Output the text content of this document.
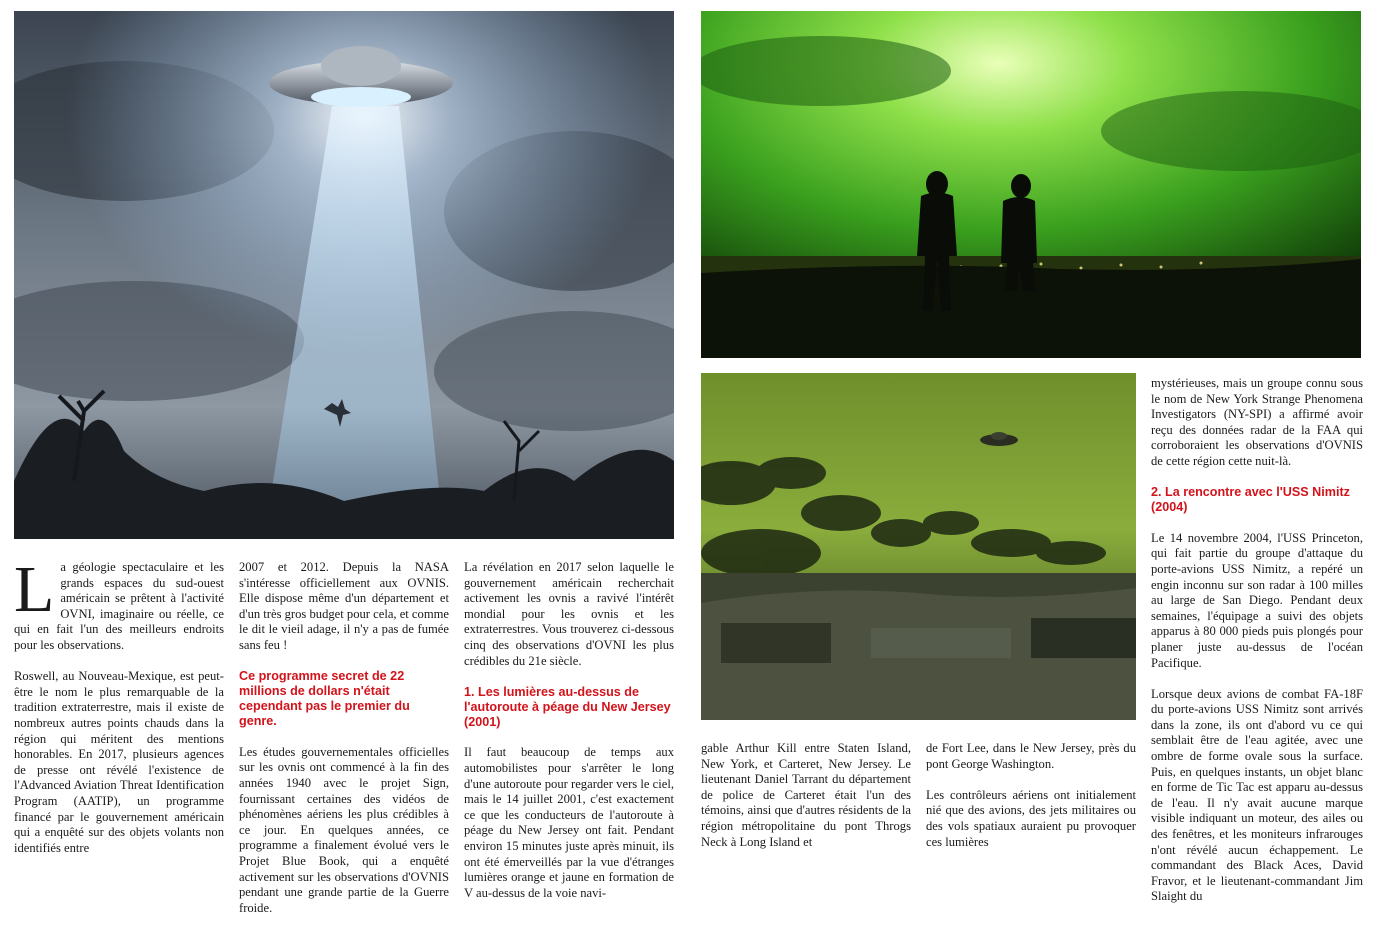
L a géologie spectaculaire et les grands espaces du sud-ouest américain se prêtent à l'activité OVNI, imaginaire ou réelle, ce qui en fait l'un des meilleurs endroits pour les observations.

Roswell, au Nouveau-Mexique, est peut-être le nom le plus remarquable de la tradition extraterrestre, mais il existe de nombreux autres points chauds dans la région qui méritent des mentions honorables. En 2017, plusieurs agences de presse ont révélé l'existence de l'Advanced Aviation Threat Identification Program (AATIP), un programme financé par le gouvernement américain qui a enquêté sur des objets volants non identifiés entre

2007 et 2012. Depuis la NASA s'intéresse officiellement aux OVNIS. Elle dispose même d'un département et d'un très gros budget pour cela, et comme le dit le vieil adage, il n'y a pas de fumée sans feu !

Ce programme secret de 22 millions de dollars n'était cependant pas le premier du genre.

Les études gouvernementales officielles sur les ovnis ont commencé à la fin des années 1940 avec le projet Sign, fournissant certaines des vidéos de phénomènes aériens les plus crédibles à ce jour. En quelques années, ce programme a finalement évolué vers le Projet Blue Book, qui a enquêté activement sur les observations d'OVNIS pendant une grande partie de la Guerre froide.

La révélation en 2017 selon laquelle le gouvernement américain recherchait activement les ovnis a ravivé l'intérêt mondial pour les ovnis et les extraterrestres. Vous trouverez ci-dessous cinq des observations d'OVNI les plus crédibles du 21e siècle.

1. Les lumières au-dessus de l'autoroute à péage du New Jersey (2001)

Il faut beaucoup de temps aux automobilistes pour s'arrêter le long d'une autoroute pour regarder vers le ciel, mais le 14 juillet 2001, c'est exactement ce que les conducteurs de l'autoroute à péage du New Jersey ont fait. Pendant environ 15 minutes juste après minuit, ils ont été émerveillés par la vue d'étranges lumières orange et jaune en formation de V au-dessus de la voie navi-

gable Arthur Kill entre Staten Island, New York, et Carteret, New Jersey. Le lieutenant Daniel Tarrant du département de police de Carteret était l'un des témoins, ainsi que d'autres résidents de la région métropolitaine du pont Throgs Neck à Long Island et

de Fort Lee, dans le New Jersey, près du pont George Washington.

Les contrôleurs aériens ont initialement nié que des avions, des jets militaires ou des vols spatiaux auraient pu provoquer ces lumières

mystérieuses, mais un groupe connu sous le nom de New York Strange Phenomena Investigators (NY-SPI) a affirmé avoir reçu des données radar de la FAA qui corroboraient les observations d'OVNIS de cette région cette nuit-là.

2. La rencontre avec l'USS Nimitz (2004)

Le 14 novembre 2004, l'USS Princeton, qui fait partie du groupe d'attaque du porte-avions USS Nimitz, a repéré un engin inconnu sur son radar à 100 milles au large de San Diego. Pendant deux semaines, l'équipage a suivi des objets apparus à 80 000 pieds puis plongés pour planer juste au-dessus de l'océan Pacifique.

Lorsque deux avions de combat FA-18F du porte-avions USS Nimitz sont arrivés dans la zone, ils ont d'abord vu ce qui semblait être de l'eau agitée, avec une ombre de forme ovale sous la surface. Puis, en quelques instants, un objet blanc en forme de Tic Tac est apparu au-dessus de l'eau. Il n'y avait aucune marque visible indiquant un moteur, des ailes ou des fenêtres, et les moniteurs infrarouges n'ont révélé aucun échappement. Le commandant des Black Aces, David Fravor, et le lieutenant-commandant Jim Slaight du
